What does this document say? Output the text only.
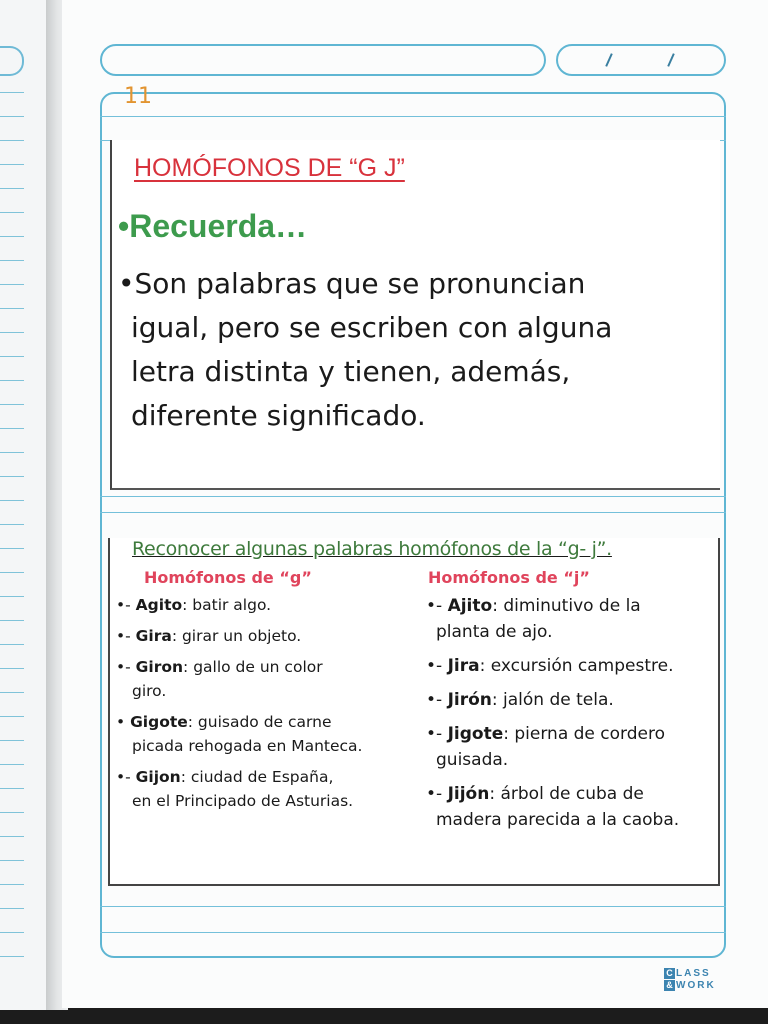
11
HOMÓFONOS DE “G J”
•Recuerda…
•Son palabras que se pronuncian
igual, pero se escriben con alguna
letra distinta y tienen, además,
diferente significado.
Reconocer algunas palabras homófonos de la “g- j”.
Homófonos de “g”
•- Agito: batir algo.
•- Gira: girar un objeto.
•- Giron: gallo de un color
giro.
• Gigote: guisado de carne
picada rehogada en Manteca.
•- Gijon: ciudad de España,
en el Principado de Asturias.
Homófonos de “j”
•- Ajito: diminutivo de la
planta de ajo.
•- Jira: excursión campestre.
•- Jirón: jalón de tela.
•- Jigote: pierna de cordero
guisada.
•- Jijón: árbol de cuba de
madera parecida a la caoba.
C LASS
& WORK
